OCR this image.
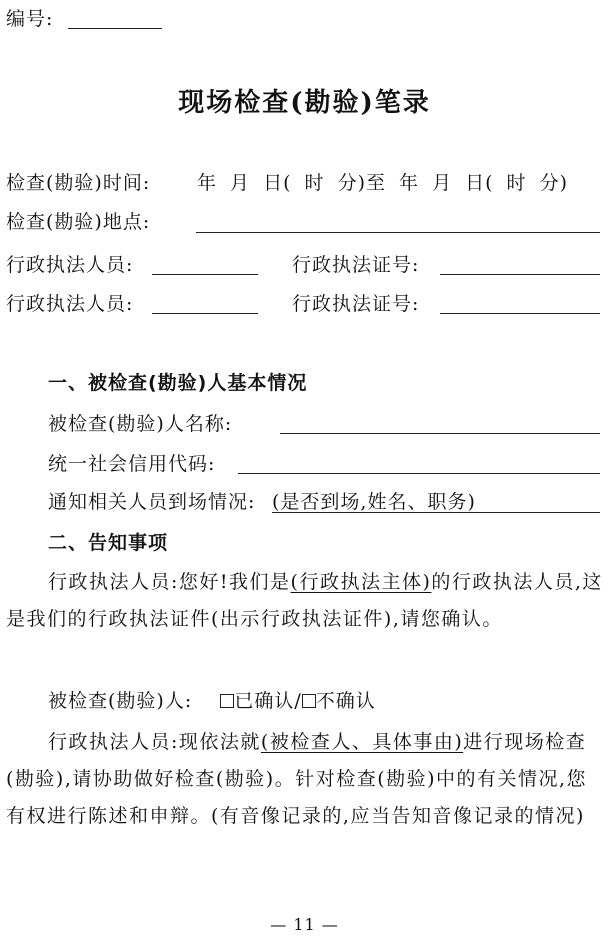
编号:
现场检查(勘验)笔录
检查(勘验)时间: 年 月 日( 时 分)至 年 月 日( 时 分)
检查(勘验)地点:
行政执法人员:	行政执法证号:
行政执法人员:	行政执法证号:
一、被检查(勘验)人基本情况
被检查(勘验)人名称:
统一社会信用代码:
通知相关人员到场情况: (是否到场,姓名、职务)
二、告知事项
行政执法人员:您好!我们是(行政执法主体)的行政执法人员,这是我们的行政执法证件(出示行政执法证件),请您确认。
被检查(勘验)人: 已确认/ 不确认
行政执法人员:现依法就(被检查人、具体事由)进行现场检查(勘验),请协助做好检查(勘验)。针对检查(勘验)中的有关情况,您有权进行陈述和申辩。(有音像记录的,应当告知音像记录的情况)
— 11 —
